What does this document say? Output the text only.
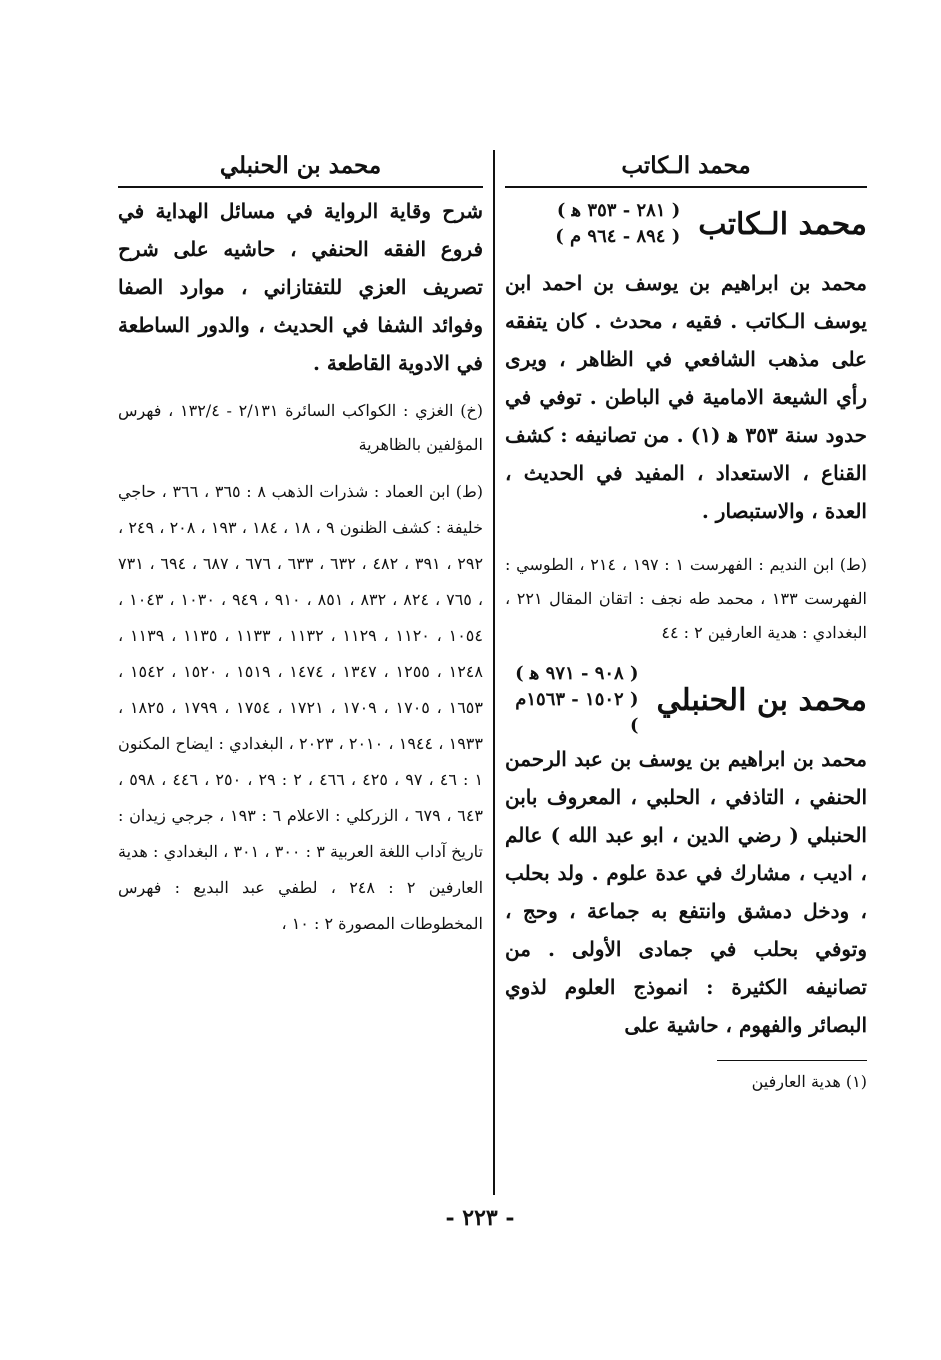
محمد الـكاتب
محمد بن الحنبلي
محمد الـكاتب
( ٢٨١ - ٣٥٣ ﻫ )
( ٨٩٤ - ٩٦٤ م )

محمد بن ابراهيم بن يوسف بن احمد ابن يوسف الـكاتب . فقيه ، محدث . كان يتفقه على مذهب الشافعي في الظاهر ، ويرى رأي الشيعة الامامية في الباطن . توفي في حدود سنة ٣٥٣ ﻫ (١) . من تصانيفه : كشف القناع ، الاستعداد ، المفيد في الحديث ، العدة ، والاستبصار .

(ط) ابن النديم : الفهرست ١ : ١٩٧ ، ٢١٤ ، الطوسي : الفهرست ١٣٣ ، محمد طه نجف : اتقان المقال ٢٢١ ، البغدادي : هدية العارفين ٢ : ٤٤

محمد بن الحنبلي
( ٩٠٨ - ٩٧١ ﻫ )
( ١٥٠٢ - ١٥٦٣م )

محمد بن ابراهيم بن يوسف بن عبد الرحمن الحنفي ، التاذفي ، الحلبي ، المعروف بابن الحنبلي ( رضي الدين ، ابو عبد الله ) عالم ، اديب ، مشارك في عدة علوم . ولد بحلب ، ودخل دمشق وانتفع به جماعة ، وحج ، وتوفي بحلب في جمادى الأولى . من تصانيفه الكثيرة : انموذج العلوم لذوي البصائر والفهوم ، حاشية على

(١) هدية العارفين

شرح وقاية الرواية في مسائل الهداية في فروع الفقه الحنفي ، حاشيه على شرح تصريف العزي للتفتازاني ، موارد الصفا وفوائد الشفا في الحديث ، والدور الساطعة في الادوية القاطعة .

(خ) الغزي : الكواكب السائرة ٢/١٣١ - ١٣٢/٤ ، فهرس المؤلفين بالظاهرية

(ط) ابن العماد : شذرات الذهب ٨ : ٣٦٥ ، ٣٦٦ ، حاجي خليفة : كشف الظنون ٩ ، ١٨ ، ١٨٤ ، ١٩٣ ، ٢٠٨ ، ٢٤٩ ، ٢٩٢ ، ٣٩١ ، ٤٨٢ ، ٦٣٢ ، ٦٣٣ ، ٦٧٦ ، ٦٨٧ ، ٦٩٤ ، ٧٣١ ، ٧٦٥ ، ٨٢٤ ، ٨٣٢ ، ٨٥١ ، ٩١٠ ، ٩٤٩ ، ١٠٣٠ ، ١٠٤٣ ، ١٠٥٤ ، ١١٢٠ ، ١١٢٩ ، ١١٣٢ ، ١١٣٣ ، ١١٣٥ ، ١١٣٩ ، ١٢٤٨ ، ١٢٥٥ ، ١٣٤٧ ، ١٤٧٤ ، ١٥١٩ ، ١٥٢٠ ، ١٥٤٢ ، ١٦٥٣ ، ١٧٠٥ ، ١٧٠٩ ، ١٧٢١ ، ١٧٥٤ ، ١٧٩٩ ، ١٨٢٥ ، ١٩٣٣ ، ١٩٤٤ ، ٢٠١٠ ، ٢٠٢٣ ، البغدادي : ايضاح المكنون ١ : ٤٦ ، ٩٧ ، ٤٢٥ ، ٤٦٦ ، ٢ : ٢٩ ، ٢٥٠ ، ٤٤٦ ، ٥٩٨ ، ٦٤٣ ، ٦٧٩ ، الزركلي : الاعلام ٦ : ١٩٣ ، جرجي زيدان : تاريخ آداب اللغة العربية ٣ : ٣٠٠ ، ٣٠١ ، البغدادي : هدية العارفين ٢ : ٢٤٨ ، لطفي عبد البديع : فهرس المخطوطات المصورة ٢ : ١٠ ،

- ٢٢٣ -
